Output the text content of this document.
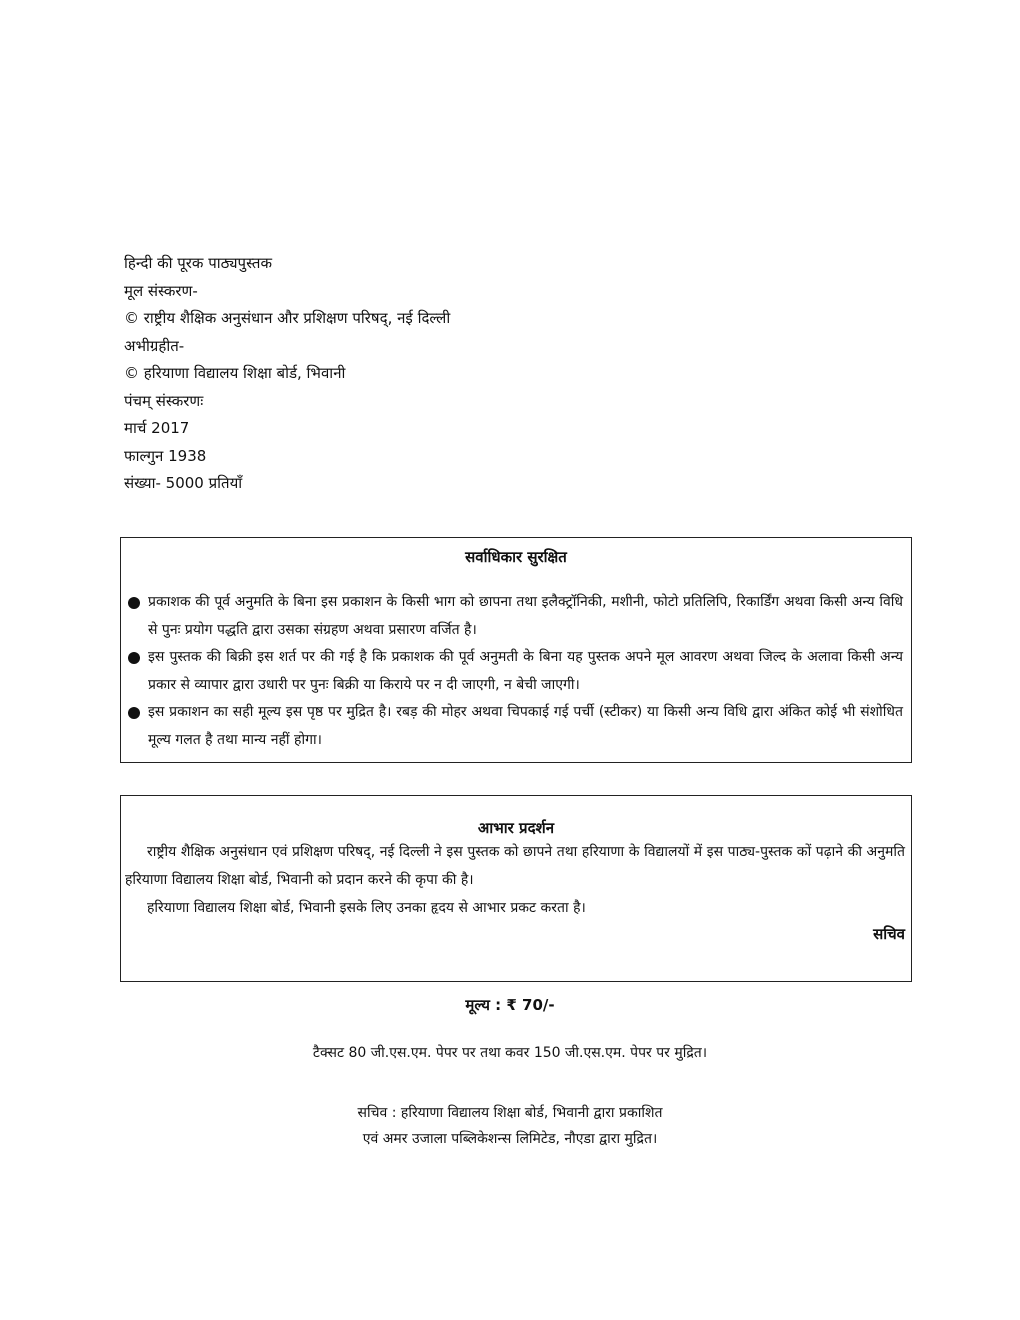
हिन्दी की पूरक पाठ्यपुस्तक
मूल संस्करण-
© राष्ट्रीय शैक्षिक अनुसंधान और प्रशिक्षण परिषद्, नई दिल्ली
अभीग्रहीत-
© हरियाणा विद्यालय शिक्षा बोर्ड, भिवानी
पंचम् संस्करणः
मार्च 2017
फाल्गुन 1938
संख्या- 5000 प्रतियाँ
सर्वाधिकार सुरक्षित
प्रकाशक की पूर्व अनुमति के बिना इस प्रकाशन के किसी भाग को छापना तथा इलैक्ट्रॉनिकी, मशीनी, फोटो प्रतिलिपि, रिकार्डिंग अथवा किसी अन्य विधि से पुनः प्रयोग पद्धति द्वारा उसका संग्रहण अथवा प्रसारण वर्जित है।
इस पुस्तक की बिक्री इस शर्त पर की गई है कि प्रकाशक की पूर्व अनुमती के बिना यह पुस्तक अपने मूल आवरण अथवा जिल्द के अलावा किसी अन्य प्रकार से व्यापार द्वारा उधारी पर पुनः बिक्री या किराये पर न दी जाएगी, न बेची जाएगी।
इस प्रकाशन का सही मूल्य इस पृष्ठ पर मुद्रित है। रबड़ की मोहर अथवा चिपकाई गई पर्ची (स्टीकर) या किसी अन्य विधि द्वारा अंकित कोई भी संशोधित मूल्य गलत है तथा मान्य नहीं होगा।
आभार प्रदर्शन

राष्ट्रीय शैक्षिक अनुसंधान एवं प्रशिक्षण परिषद्, नई दिल्ली ने इस पुस्तक को छापने तथा हरियाणा के विद्यालयों में इस पाठ्य-पुस्तक कों पढ़ाने की अनुमति हरियाणा विद्यालय शिक्षा बोर्ड, भिवानी को प्रदान करने की कृपा की है।

हरियाणा विद्यालय शिक्षा बोर्ड, भिवानी इसके लिए उनका हृदय से आभार प्रकट करता है।

सचिव

मूल्य : ₹ 70/-
टैक्सट 80 जी.एस.एम. पेपर पर तथा कवर 150 जी.एस.एम. पेपर पर मुद्रित।
सचिव : हरियाणा विद्यालय शिक्षा बोर्ड, भिवानी द्वारा प्रकाशित
एवं अमर उजाला पब्लिकेशन्स लिमिटेड, नौएडा द्वारा मुद्रित।
